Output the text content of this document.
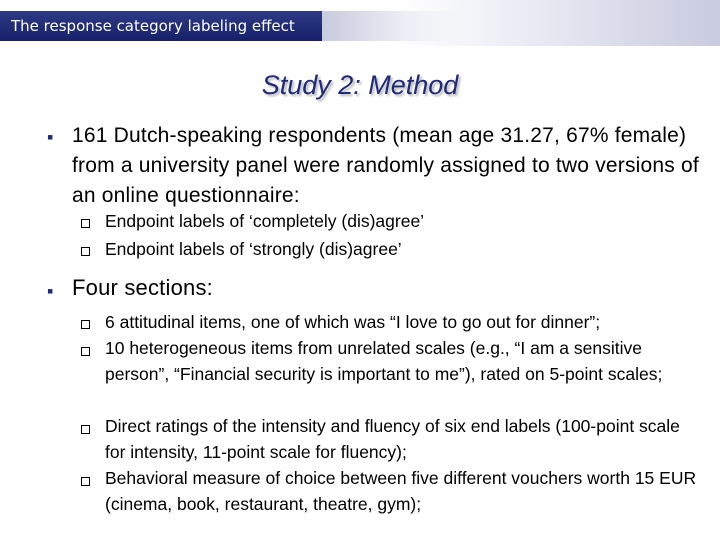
The response category labeling effect
Study 2: Method
▪ 161 Dutch-speaking respondents (mean age 31.27, 67% female) from a university panel were randomly assigned to two versions of an online questionnaire:
Endpoint labels of ‘completely (dis)agree’
Endpoint labels of ‘strongly (dis)agree’
▪ Four sections:
6 attitudinal items, one of which was “I love to go out for dinner”;
10 heterogeneous items from unrelated scales (e.g., “I am a sensitive person”, “Financial security is important to me”), rated on 5-point scales;
Direct ratings of the intensity and fluency of six end labels (100-point scale for intensity, 11-point scale for fluency);
Behavioral measure of choice between five different vouchers worth 15 EUR (cinema, book, restaurant, theatre, gym);
